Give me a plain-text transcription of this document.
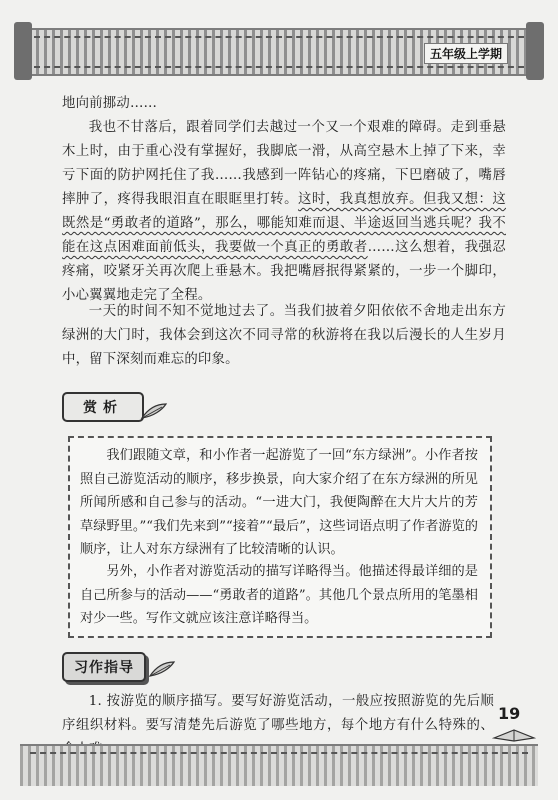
五年级上学期

地向前挪动……

我也不甘落后，跟着同学们去越过一个又一个艰难的障碍。走到垂悬木上时，由于重心没有掌握好，我脚底一滑，从高空悬木上掉了下来，幸亏下面的防护网托住了我……我感到一阵钻心的疼痛，下巴磨破了，嘴唇摔肿了，疼得我眼泪直在眼眶里打转。这时，我真想放弃。但我又想：这既然是“勇敢者的道路”，那么，哪能知难而退、半途返回当逃兵呢？我不能在这点困难面前低头，我要做一个真正的勇敢者……这么想着，我强忍疼痛，咬紧牙关再次爬上垂悬木。我把嘴唇抿得紧紧的，一步一个脚印，小心翼翼地走完了全程。

一天的时间不知不觉地过去了。当我们披着夕阳依依不舍地走出东方绿洲的大门时，我体会到这次不同寻常的秋游将在我以后漫长的人生岁月中，留下深刻而难忘的印象。

赏析

我们跟随文章，和小作者一起游览了一回“东方绿洲”。小作者按照自己游览活动的顺序，移步换景，向大家介绍了在东方绿洲的所见所闻所感和自己参与的活动。“一进大门，我便陶醉在大片大片的芳草绿野里。”“我们先来到”“接着”“最后”，这些词语点明了作者游览的顺序，让人对东方绿洲有了比较清晰的认识。

另外，小作者对游览活动的描写详略得当。他描述得最详细的是自己所参与的活动——“勇敢者的道路”。其他几个景点所用的笔墨相对少一些。写作文就应该注意详略得当。

习作指导

1. 按游览的顺序描写。要写好游览活动，一般应按照游览的先后顺序组织材料。要写清楚先后游览了哪些地方，每个地方有什么特殊的、

19
